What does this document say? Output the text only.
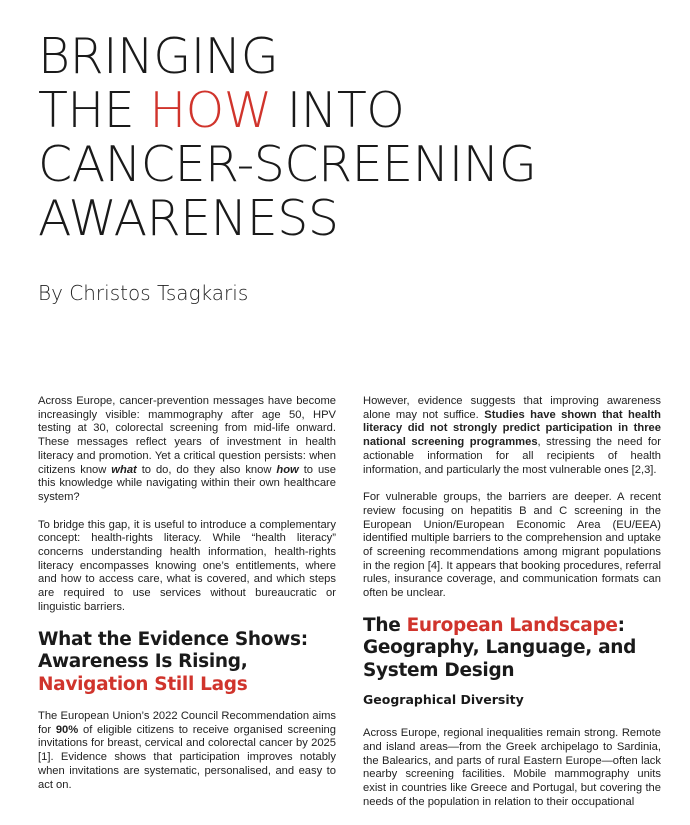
BRINGING
THE HOW INTO
CANCER-SCREENING
AWARENESS

By Christos Tsagkaris

Across Europe, cancer-prevention messages have become increasingly visible: mammography after age 50, HPV testing at 30, colorectal screening from mid-life onward. These messages reflect years of investment in health literacy and promotion. Yet a critical question persists: when citizens know what to do, do they also know how to use this knowledge while navigating within their own healthcare system?

To bridge this gap, it is useful to introduce a complementary concept: health-rights literacy. While “health literacy” concerns understanding health information, health-rights literacy encompasses knowing one’s entitlements, where and how to access care, what is covered, and which steps are required to use services without bureaucratic or linguistic barriers.

What the Evidence Shows: Awareness Is Rising, Navigation Still Lags

The European Union’s 2022 Council Recommendation aims for 90% of eligible citizens to receive organised screening invitations for breast, cervical and colorectal cancer by 2025 [1]. Evidence shows that participation improves notably when invitations are systematic, personalised, and easy to act on.

However, evidence suggests that improving awareness alone may not suffice. Studies have shown that health literacy did not strongly predict participation in three national screening programmes, stressing the need for actionable information for all recipients of health information, and particularly the most vulnerable ones [2,3].

For vulnerable groups, the barriers are deeper. A recent review focusing on hepatitis B and C screening in the European Union/European Economic Area (EU/EEA) identified multiple barriers to the comprehension and uptake of screening recommendations among migrant populations in the region [4]. It appears that booking procedures, referral rules, insurance coverage, and communication formats can often be unclear.

The European Landscape: Geography, Language, and System Design
Geographical Diversity

Across Europe, regional inequalities remain strong. Remote and island areas—from the Greek archipelago to Sardinia, the Balearics, and parts of rural Eastern Europe—often lack nearby screening facilities. Mobile mammography units exist in countries like Greece and Portugal, but covering the needs of the population in relation to their occupational
